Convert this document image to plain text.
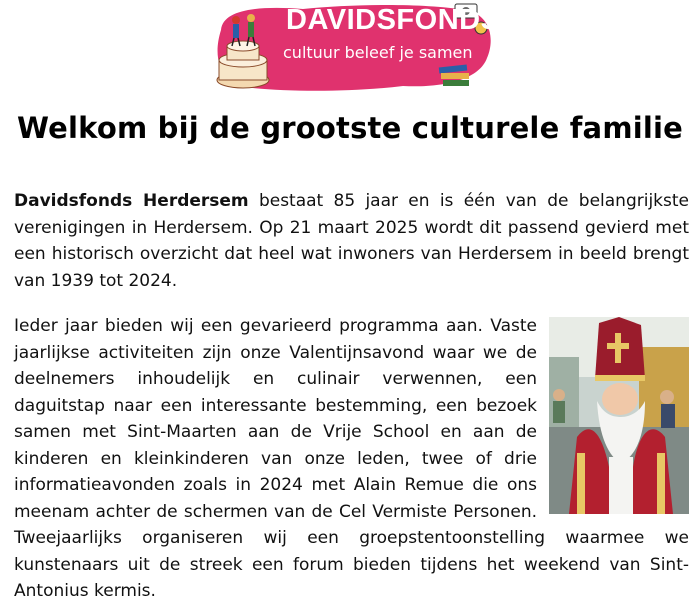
DAVIDSFONDS
cultuur beleef je samen
Welkom bij de grootste culturele familie

Davidsfonds Herdersem bestaat 85 jaar en is één van de belangrijkste verenigingen in Herdersem. Op 21 maart 2025 wordt dit passend gevierd met een historisch overzicht dat heel wat inwoners van Herdersem in beeld brengt van 1939 tot 2024.

Ieder jaar bieden wij een gevarieerd programma aan. Vaste jaarlijkse activiteiten zijn onze Valentijnsavond waar we de deelnemers inhoudelijk en culinair verwennen, een daguitstap naar een interessante bestemming, een bezoek samen met Sint-Maarten aan de Vrije School en aan de kinderen en kleinkinderen van onze leden, twee of drie informatieavonden zoals in 2024 met Alain Remue die ons meenam achter de schermen van de Cel Vermiste Personen. Tweejaarlijks organiseren wij een groepstentoonstelling waarmee we kunstenaars uit de streek een forum bieden tijdens het weekend van Sint-Antonius kermis.
